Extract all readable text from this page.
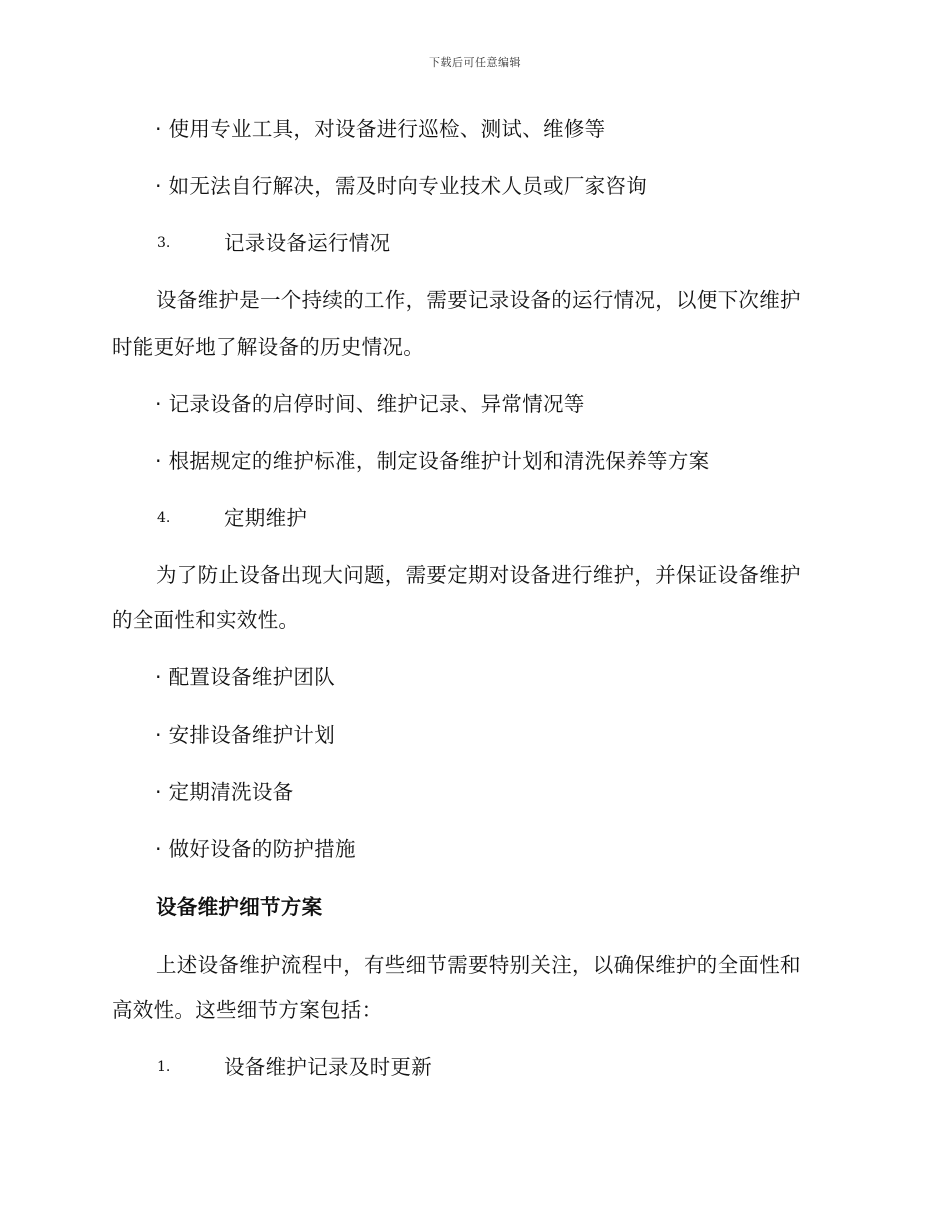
下载后可任意编辑
· 使用专业工具，对设备进行巡检、测试、维修等
· 如无法自行解决，需及时向专业技术人员或厂家咨询
3.	记录设备运行情况
设备维护是一个持续的工作，需要记录设备的运行情况，以便下次维护
时能更好地了解设备的历史情况。
· 记录设备的启停时间、维护记录、异常情况等
· 根据规定的维护标准，制定设备维护计划和清洗保养等方案
4.	定期维护
为了防止设备出现大问题，需要定期对设备进行维护，并保证设备维护
的全面性和实效性。
· 配置设备维护团队
· 安排设备维护计划
· 定期清洗设备
· 做好设备的防护措施
设备维护细节方案
上述设备维护流程中，有些细节需要特别关注，以确保维护的全面性和
高效性。这些细节方案包括：
1.	设备维护记录及时更新
